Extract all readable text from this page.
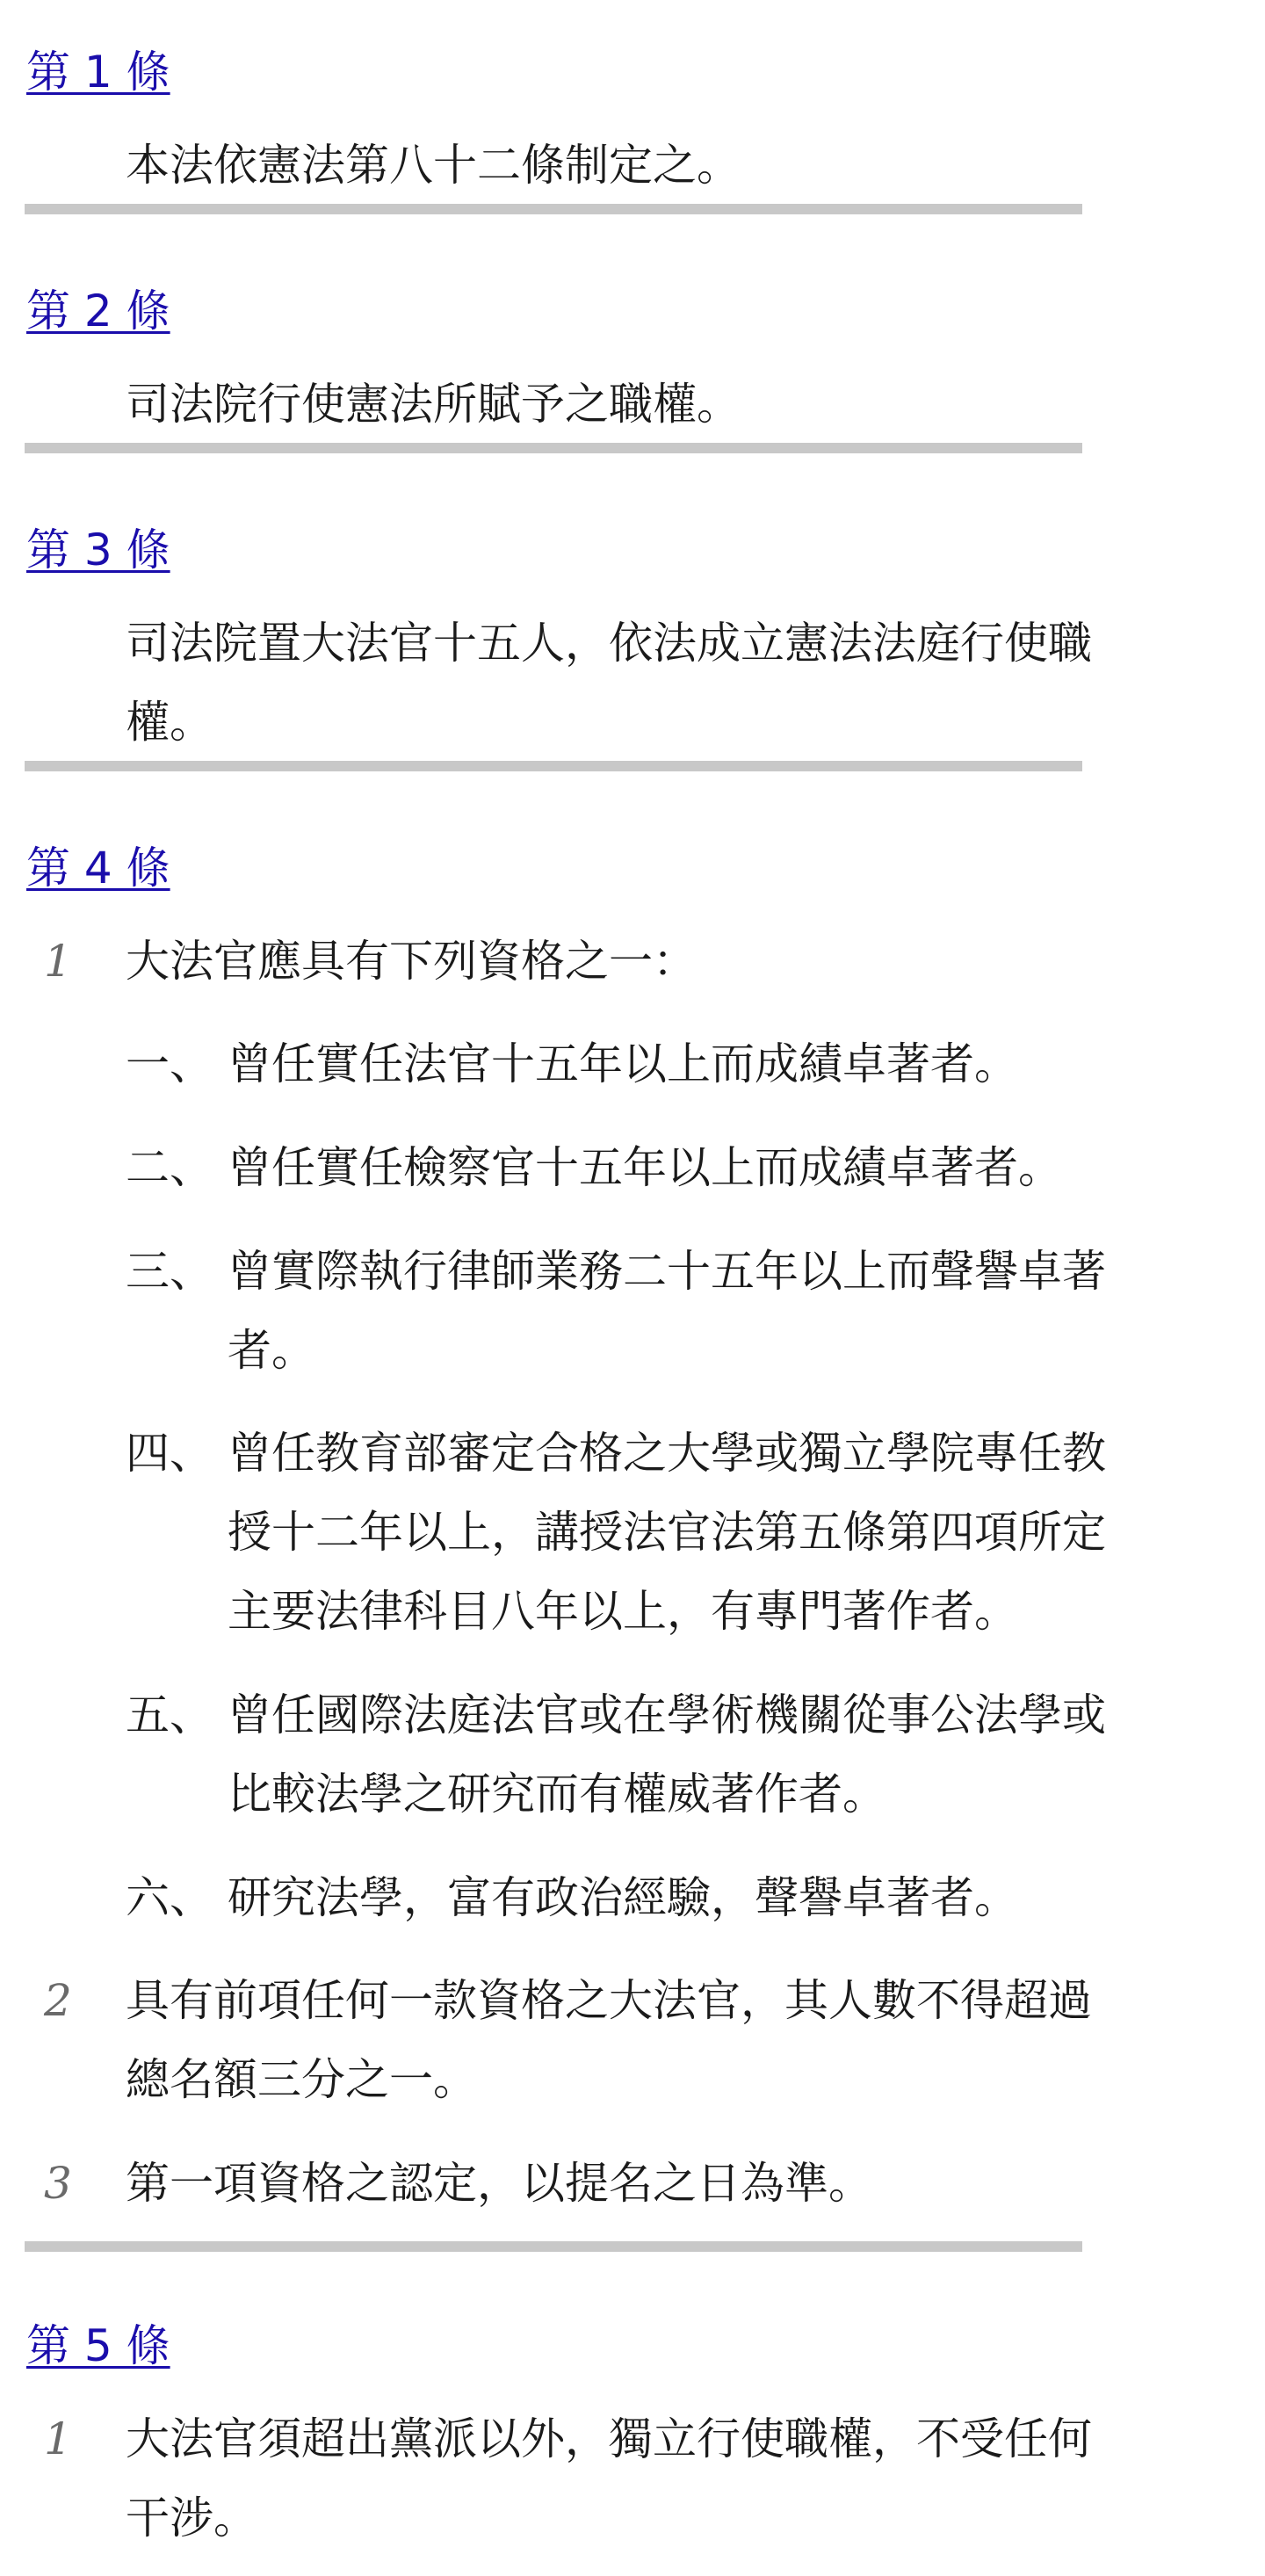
第 1 條
本法依憲法第八十二條制定之。
第 2 條
司法院行使憲法所賦予之職權。
第 3 條
司法院置大法官十五人，依法成立憲法法庭行使職
權。
第 4 條
1 大法官應具有下列資格之一：
一、 曾任實任法官十五年以上而成績卓著者。
二、 曾任實任檢察官十五年以上而成績卓著者。
三、 曾實際執行律師業務二十五年以上而聲譽卓著
者。
四、 曾任教育部審定合格之大學或獨立學院專任教
授十二年以上，講授法官法第五條第四項所定
主要法律科目八年以上，有專門著作者。
五、 曾任國際法庭法官或在學術機關從事公法學或
比較法學之研究而有權威著作者。
六、 研究法學，富有政治經驗，聲譽卓著者。
2 具有前項任何一款資格之大法官，其人數不得超過
總名額三分之一。
3 第一項資格之認定，以提名之日為準。
第 5 條
1 大法官須超出黨派以外，獨立行使職權，不受任何
干涉。
